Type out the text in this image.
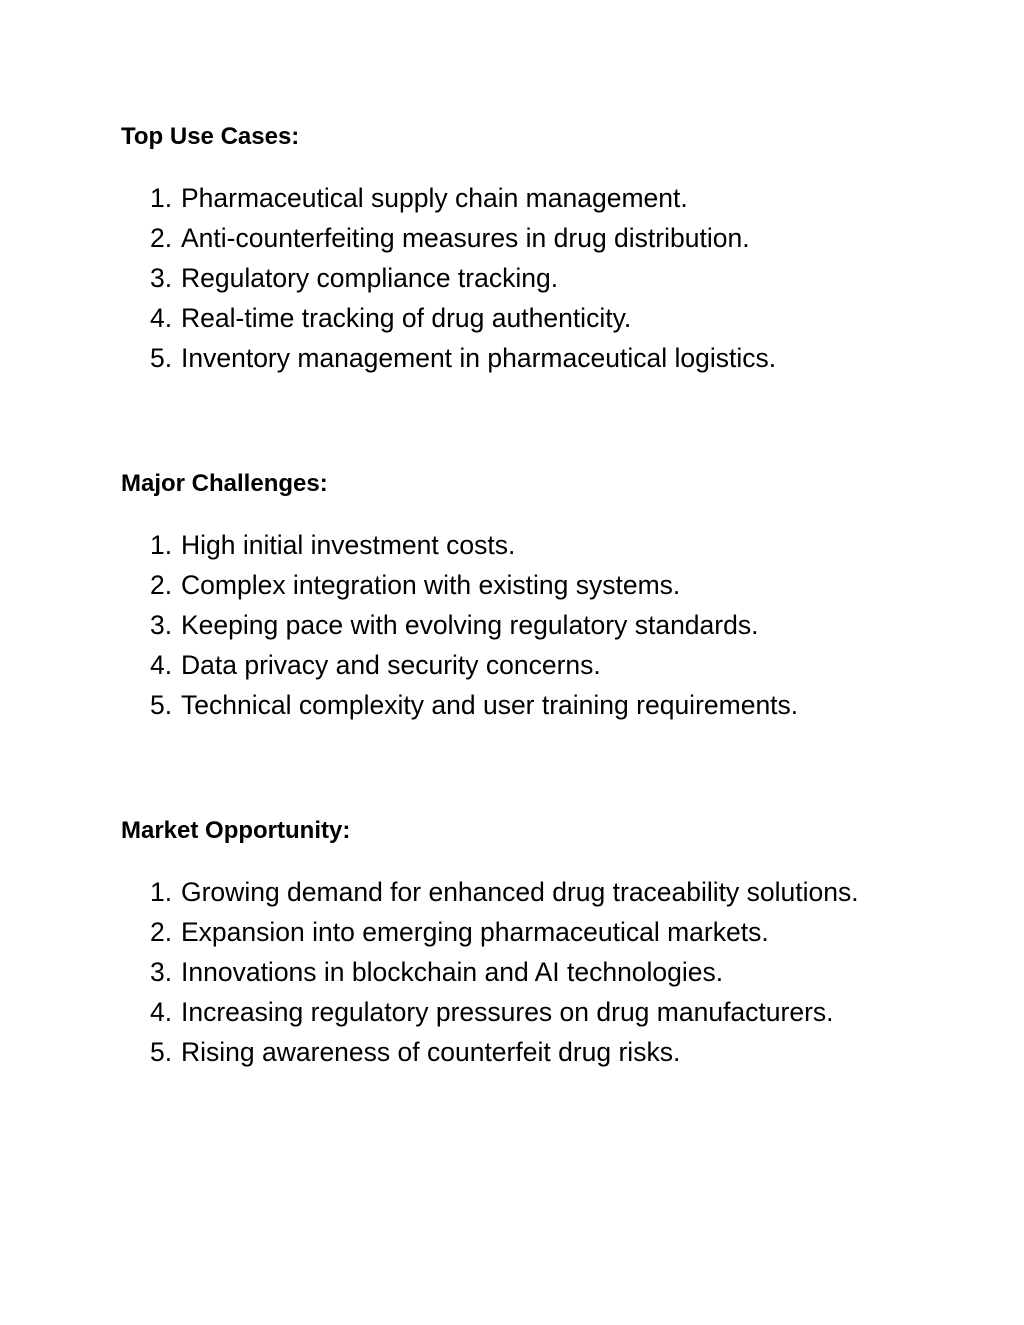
Top Use Cases:
1. Pharmaceutical supply chain management.
2. Anti-counterfeiting measures in drug distribution.
3. Regulatory compliance tracking.
4. Real-time tracking of drug authenticity.
5. Inventory management in pharmaceutical logistics.
Major Challenges:
1. High initial investment costs.
2. Complex integration with existing systems.
3. Keeping pace with evolving regulatory standards.
4. Data privacy and security concerns.
5. Technical complexity and user training requirements.
Market Opportunity:
1. Growing demand for enhanced drug traceability solutions.
2. Expansion into emerging pharmaceutical markets.
3. Innovations in blockchain and AI technologies.
4. Increasing regulatory pressures on drug manufacturers.
5. Rising awareness of counterfeit drug risks.
